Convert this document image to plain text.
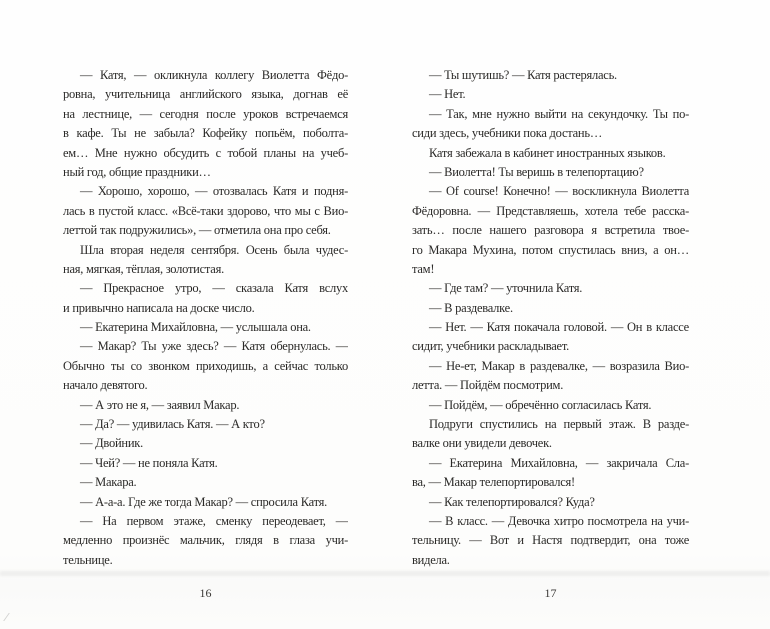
— Катя, — окликнула коллегу Виолетта Фёдо-
ровна, учительница английского языка, догнав её
на лестнице, — сегодня после уроков встречаемся
в кафе. Ты не забыла? Кофейку попьём, поболта-
ем… Мне нужно обсудить с тобой планы на учеб-
ный год, общие праздники…
— Хорошо, хорошо, — отозвалась Катя и подня-
лась в пустой класс. «Всё-таки здорово, что мы с Вио-
леттой так подружились», — отметила она про себя.
Шла вторая неделя сентября. Осень была чудес-
ная, мягкая, тёплая, золотистая.
— Прекрасное утро, — сказала Катя вслух
и привычно написала на доске число.
— Екатерина Михайловна, — услышала она.
— Макар? Ты уже здесь? — Катя обернулась. —
Обычно ты со звонком приходишь, а сейчас только
начало девятого.
— А это не я, — заявил Макар.
— Да? — удивилась Катя. — А кто?
— Двойник.
— Чей? — не поняла Катя.
— Макара.
— А-а-а. Где же тогда Макар? — спросила Катя.
— На первом этаже, сменку переодевает, —
медленно произнёс мальчик, глядя в глаза учи-
тельнице.
— Ты шутишь? — Катя растерялась.
— Нет.
— Так, мне нужно выйти на секундочку. Ты по-
сиди здесь, учебники пока достань…
Катя забежала в кабинет иностранных языков.
— Виолетта! Ты веришь в телепортацию?
— Of course! Конечно! — воскликнула Виолетта
Фёдоровна. — Представляешь, хотела тебе расска-
зать… после нашего разговора я встретила твое-
го Макара Мухина, потом спустилась вниз, а он…
там!
— Где там? — уточнила Катя.
— В раздевалке.
— Нет. — Катя покачала головой. — Он в классе
сидит, учебники раскладывает.
— Не-ет, Макар в раздевалке, — возразила Вио-
летта. — Пойдём посмотрим.
— Пойдём, — обречённо согласилась Катя.
Подруги спустились на первый этаж. В разде-
валке они увидели девочек.
— Екатерина Михайловна, — закричала Сла-
ва, — Макар телепортировался!
— Как телепортировался? Куда?
— В класс. — Девочка хитро посмотрела на учи-
тельницу. — Вот и Настя подтвердит, она тоже
видела.
16	17
